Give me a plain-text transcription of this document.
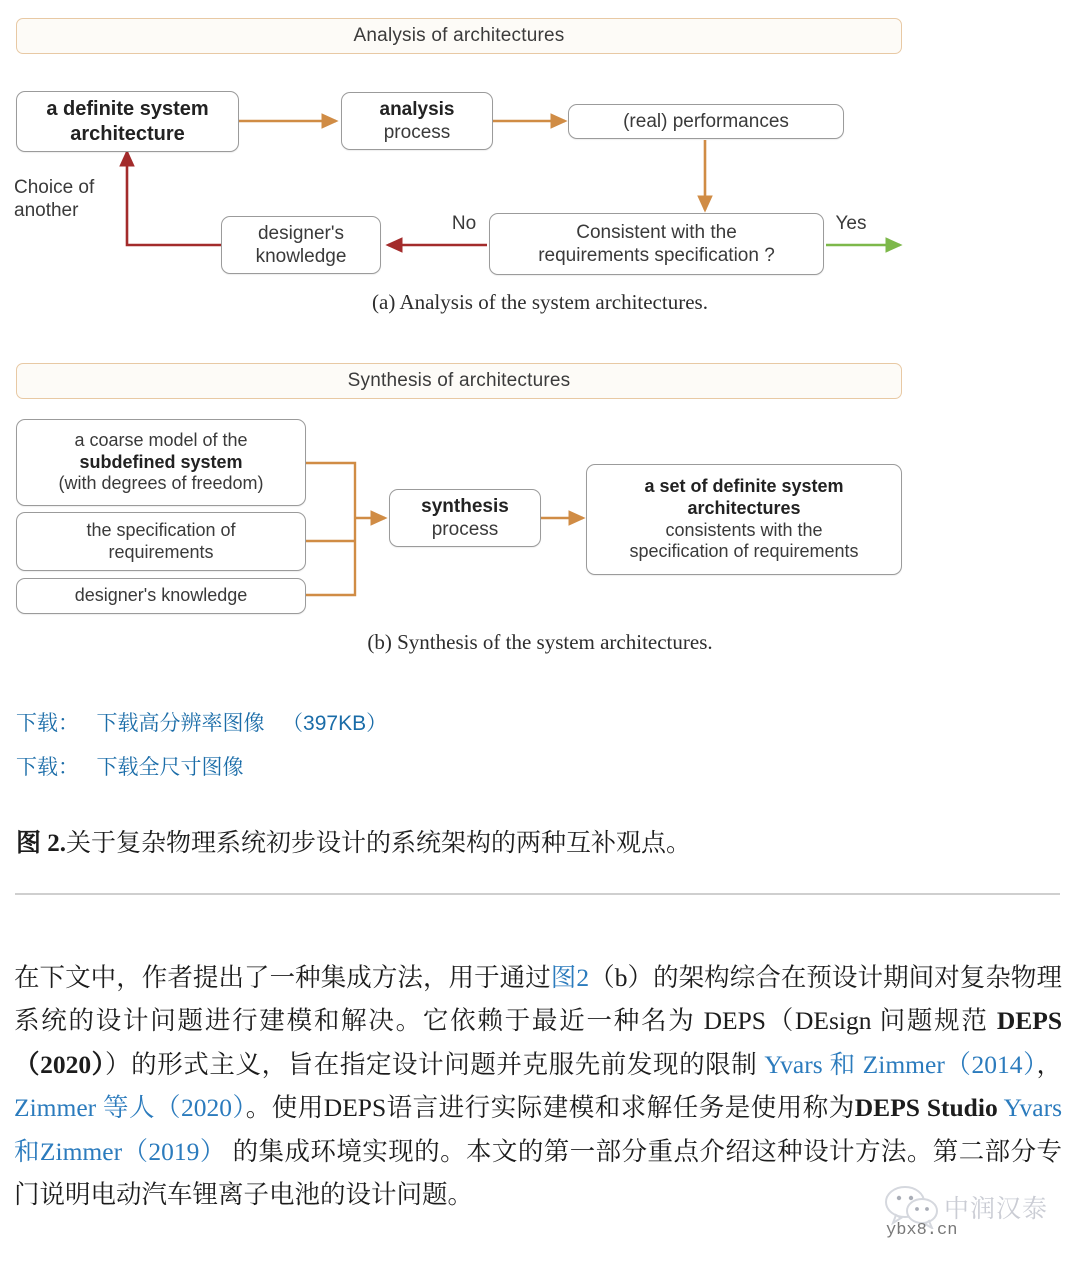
Analysis of architectures
a definite system
architecture
analysis
process
(real) performances
designer's
knowledge
Consistent with the
requirements specification ?
Choice of
another
No	Yes
(a) Analysis of the system architectures.
Synthesis of architectures
a coarse model of the
subdefined system
(with degrees of freedom)
the specification of
requirements
designer's knowledge
synthesis
process
a set of definite system
architectures
consistents with the
specification of requirements
(b) Synthesis of the system architectures.
下载： 下载高分辨率图像 （397KB）
下载： 下载全尺寸图像
图 2.关于复杂物理系统初步设计的系统架构的两种互补观点。

在下文中，作者提出了一种集成方法，用于通过图2（b）的架构综合在预设计期间对复杂物理系统的设计问题进行建模和解决。它依赖于最近一种名为 DEPS（DEsign 问题规范 DEPS（2020））的形式主义，旨在指定设计问题并克服先前发现的限制 Yvars 和 Zimmer（2014），Zimmer 等人（2020）。使用DEPS语言进行实际建模和求解任务是使用称为DEPS Studio Yvars和Zimmer（2019） 的集成环境实现的。本文的第一部分重点介绍这种设计方法。第二部分专门说明电动汽车锂离子电池的设计问题。

中润汉泰
ybx8.cn
